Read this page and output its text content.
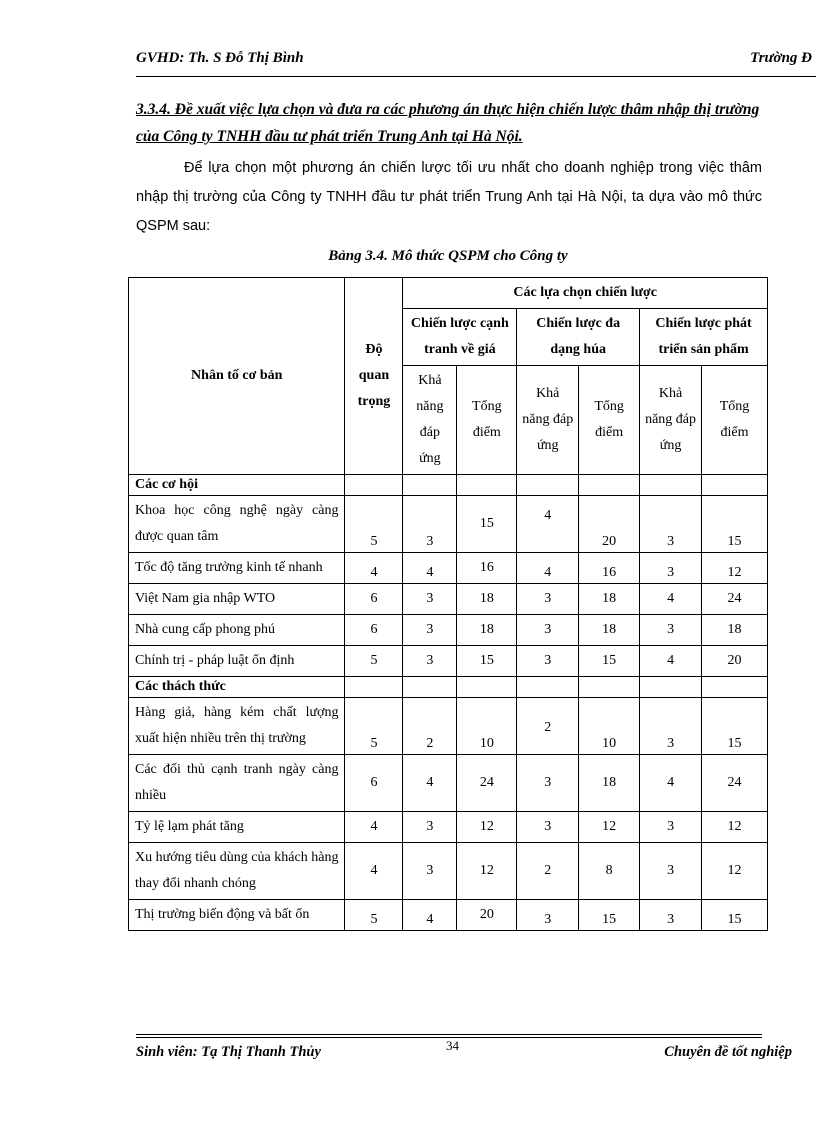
GVHD: Th. S Đỗ Thị Bình	Trường Đ
3.3.4. Đề xuất việc lựa chọn và đưa ra các phương án thực hiện chiến lược thâm nhập thị trường của Công ty TNHH đầu tư phát triển Trung Anh tại Hà Nội.
Để lựa chọn một phương án chiến lược tối ưu nhất cho doanh nghiệp trong việc thâm nhập thị trường của Công ty TNHH đầu tư phát triển Trung Anh tại Hà Nội, ta dựa vào mô thức QSPM sau:
Bảng 3.4. Mô thức QSPM cho Công ty
Nhân tố cơ bản	Độ quan trọng	Các lựa chọn chiến lược					
		Chiến lược cạnh tranh về giá		Chiến lược đa dạng húa		Chiến lược phát triển sản phẩm	
		Khả năng đáp ứng	Tổng điểm	Khả năng đáp ứng	Tổng điểm	Khả năng đáp ứng	Tổng điểm
Các cơ hội							
Khoa học công nghệ ngày càng được quan tâm	5	3	15	4	20	3	15
Tốc độ tăng trưởng kinh tế nhanh	4	4	16	4	16	3	12
Việt Nam gia nhập WTO	6	3	18	3	18	4	24
Nhà cung cấp phong phú	6	3	18	3	18	3	18
Chính trị - pháp luật ổn định	5	3	15	3	15	4	20
Các thách thức							
Hàng giả, hàng kém chất lượng xuất hiện nhiều trên thị trường	5	2	10	2	10	3	15
Các đối thủ cạnh tranh ngày càng nhiều	6	4	24	3	18	4	24
Tỷ lệ lạm phát tăng	4	3	12	3	12	3	12
Xu hướng tiêu dùng của khách hàng thay đổi nhanh chóng	4	3	12	2	8	3	12
Thị trường biến động và bất ổn	5	4	20	3	15	3	15
Sinh viên: Tạ Thị Thanh Thủy	34	Chuyên đề tốt nghiệp
